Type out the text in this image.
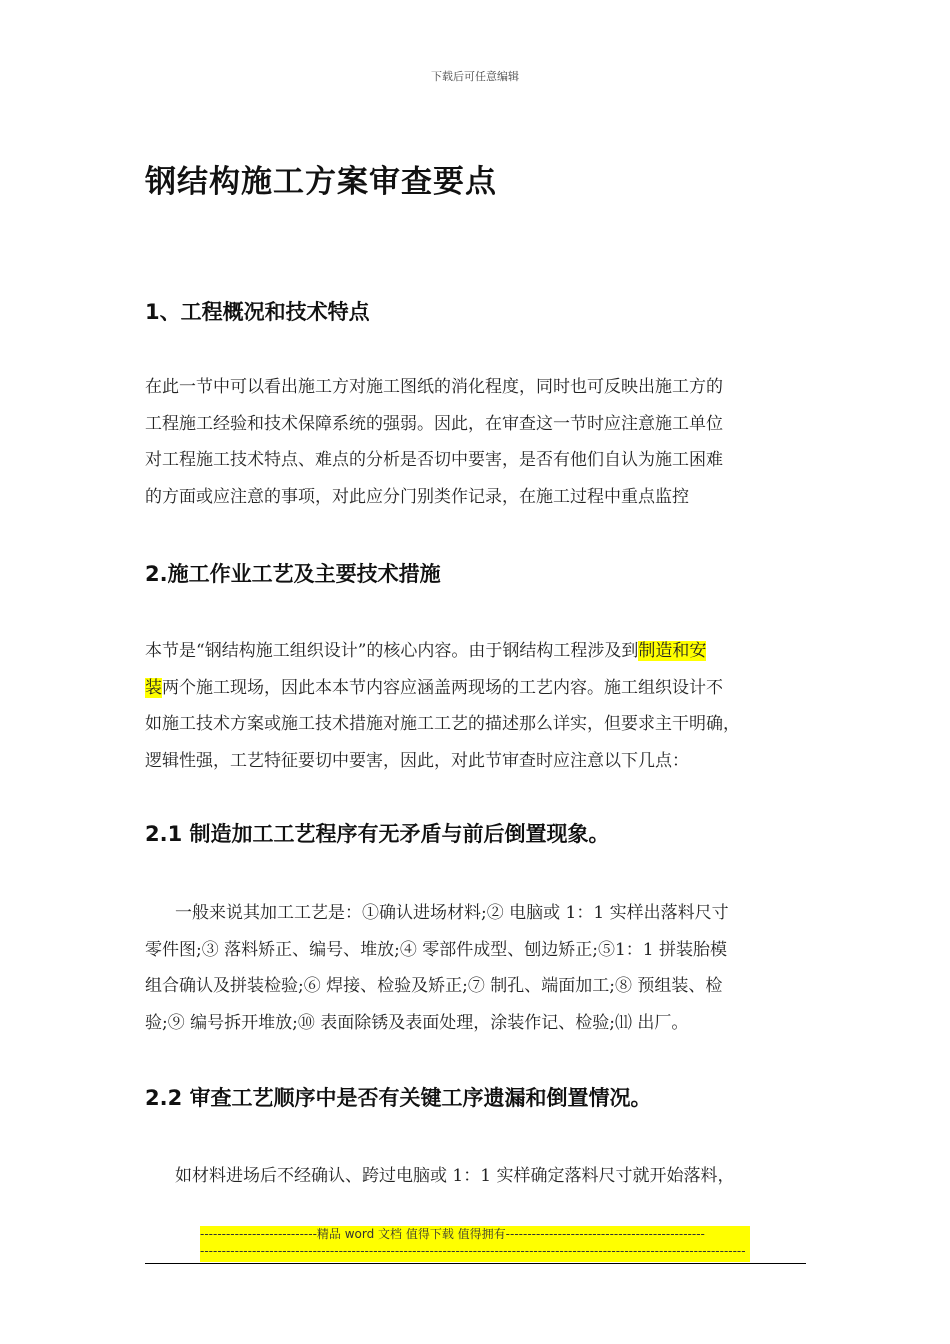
下载后可任意编辑
钢结构施工方案审查要点
1、工程概况和技术特点
在此一节中可以看出施工方对施工图纸的消化程度，同时也可反映出施工方的
工程施工经验和技术保障系统的强弱。因此，在审查这一节时应注意施工单位
对工程施工技术特点、难点的分析是否切中要害，是否有他们自认为施工困难
的方面或应注意的事项，对此应分门别类作记录，在施工过程中重点监控
2.施工作业工艺及主要技术措施
本节是“钢结构施工组织设计”的核心内容。由于钢结构工程涉及到制造和安
装两个施工现场，因此本本节内容应涵盖两现场的工艺内容。施工组织设计不
如施工技术方案或施工技术措施对施工工艺的描述那么详实，但要求主干明确，
逻辑性强，工艺特征要切中要害，因此，对此节审查时应注意以下几点：
2.1 制造加工工艺程序有无矛盾与前后倒置现象。
一般来说其加工工艺是：①确认进场材料;② 电脑或 1：1 实样出落料尺寸
零件图;③ 落料矫正、编号、堆放;④ 零部件成型、刨边矫正;⑤1：1 拼装胎模
组合确认及拼装检验;⑥ 焊接、检验及矫正;⑦ 制孔、端面加工;⑧ 预组装、检
验;⑨ 编号拆开堆放;⑩ 表面除锈及表面处理，涂装作记、检验;⑾ 出厂。
2.2 审查工艺顺序中是否有关键工序遗漏和倒置情况。
如材料进场后不经确认、跨过电脑或 1：1 实样确定落料尺寸就开始落料，
---------------------------精品 word 文档 值得下载 值得拥有----------------------------------------------
------------------------------------------------------------------------------------------------------------------------------
